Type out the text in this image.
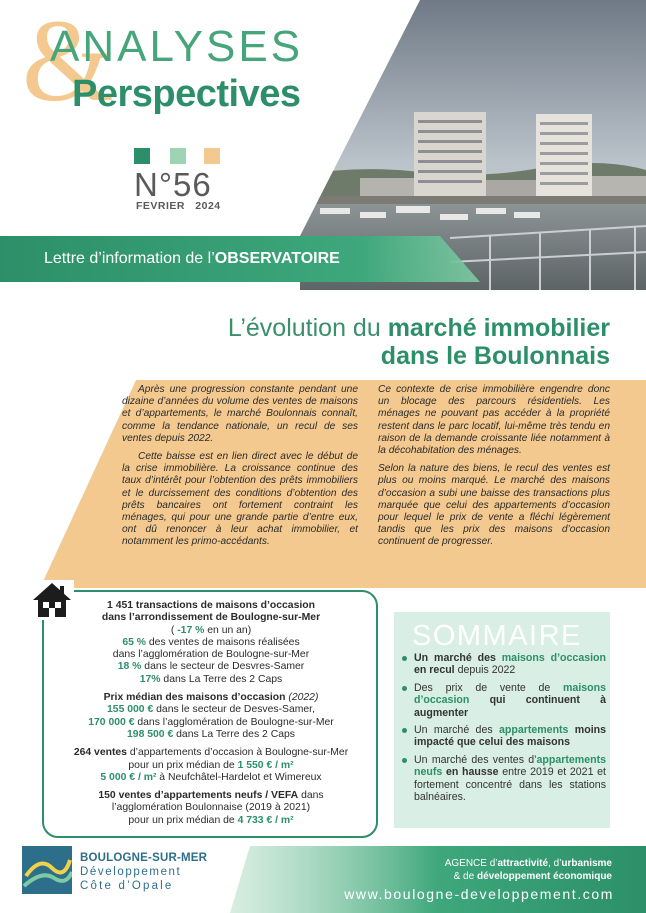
&
ANALYSES
Perspectives
N°56
FEVRIER   2024
Lettre d’information de l’OBSERVATOIRE
L’évolution du marché immobilier
dans le Boulonnais
EDITO	Après une progression constante pendant une dizaine d’années du volume des ventes de maisons et d’appartements, le marché Boulonnais connaît, comme la tendance nationale, un recul de ses ventes depuis 2022.

Cette baisse est en lien direct avec le début de la crise immobilière. La croissance continue des taux d’intérêt pour l’obtention des prêts immobiliers et le durcissement des conditions d’obtention des prêts bancaires ont fortement contraint les ménages, qui pour une grande partie d’entre eux, ont dû renoncer à leur achat immobilier, et notamment les primo-accédants.

Ce contexte de crise immobilière engendre donc un blocage des parcours résidentiels. Les ménages ne pouvant pas accéder à la propriété restent dans le parc locatif, lui-même très tendu en raison de la demande croissante liée notamment à la décohabitation des ménages.

Selon la nature des biens, le recul des ventes est plus ou moins marqué. Le marché des maisons d’occasion a subi une baisse des transactions plus marquée que celui des appartements d’occasion pour lequel le prix de vente a fléchi légèrement tandis que les prix des maisons d’occasion continuent de progresser.

1 451 transactions de maisons d’occasion
dans l’arrondissement de Boulogne-sur-Mer
( -17 % en un an)
65 % des ventes de maisons réalisées
dans l’agglomération de Boulogne-sur-Mer
18 % dans le secteur de Desvres-Samer
17% dans La Terre des 2 Caps
Prix médian des maisons d’occasion (2022)
155 000 € dans le secteur de Desves-Samer,
170 000 € dans l’agglomération de Boulogne-sur-Mer
198 500 € dans La Terre des 2 Caps
264 ventes d’appartements d’occasion à Boulogne-sur-Mer
pour un prix médian de 1 550 € / m²
5 000 € / m² à Neufchâtel-Hardelot et Wimereux
150 ventes d’appartements neufs / VEFA dans
l’agglomération Boulonnaise (2019 à 2021)
pour un prix médian de 4 733 € / m²
SOMMAIRE
Un marché des maisons d’occasion en recul depuis 2022
Des prix de vente de maisons d’occasion qui continuent à augmenter
Un marché des appartements moins impacté que celui des maisons
Un marché des ventes d’appartements neufs en hausse entre 2019 et 2021 et fortement concentré dans les stations balnéaires.
BOULOGNE-SUR-MER
Développement
Côte d’Opale
AGENCE d’attractivité, d’urbanisme
& de développement économique
www.boulogne-developpement.com
